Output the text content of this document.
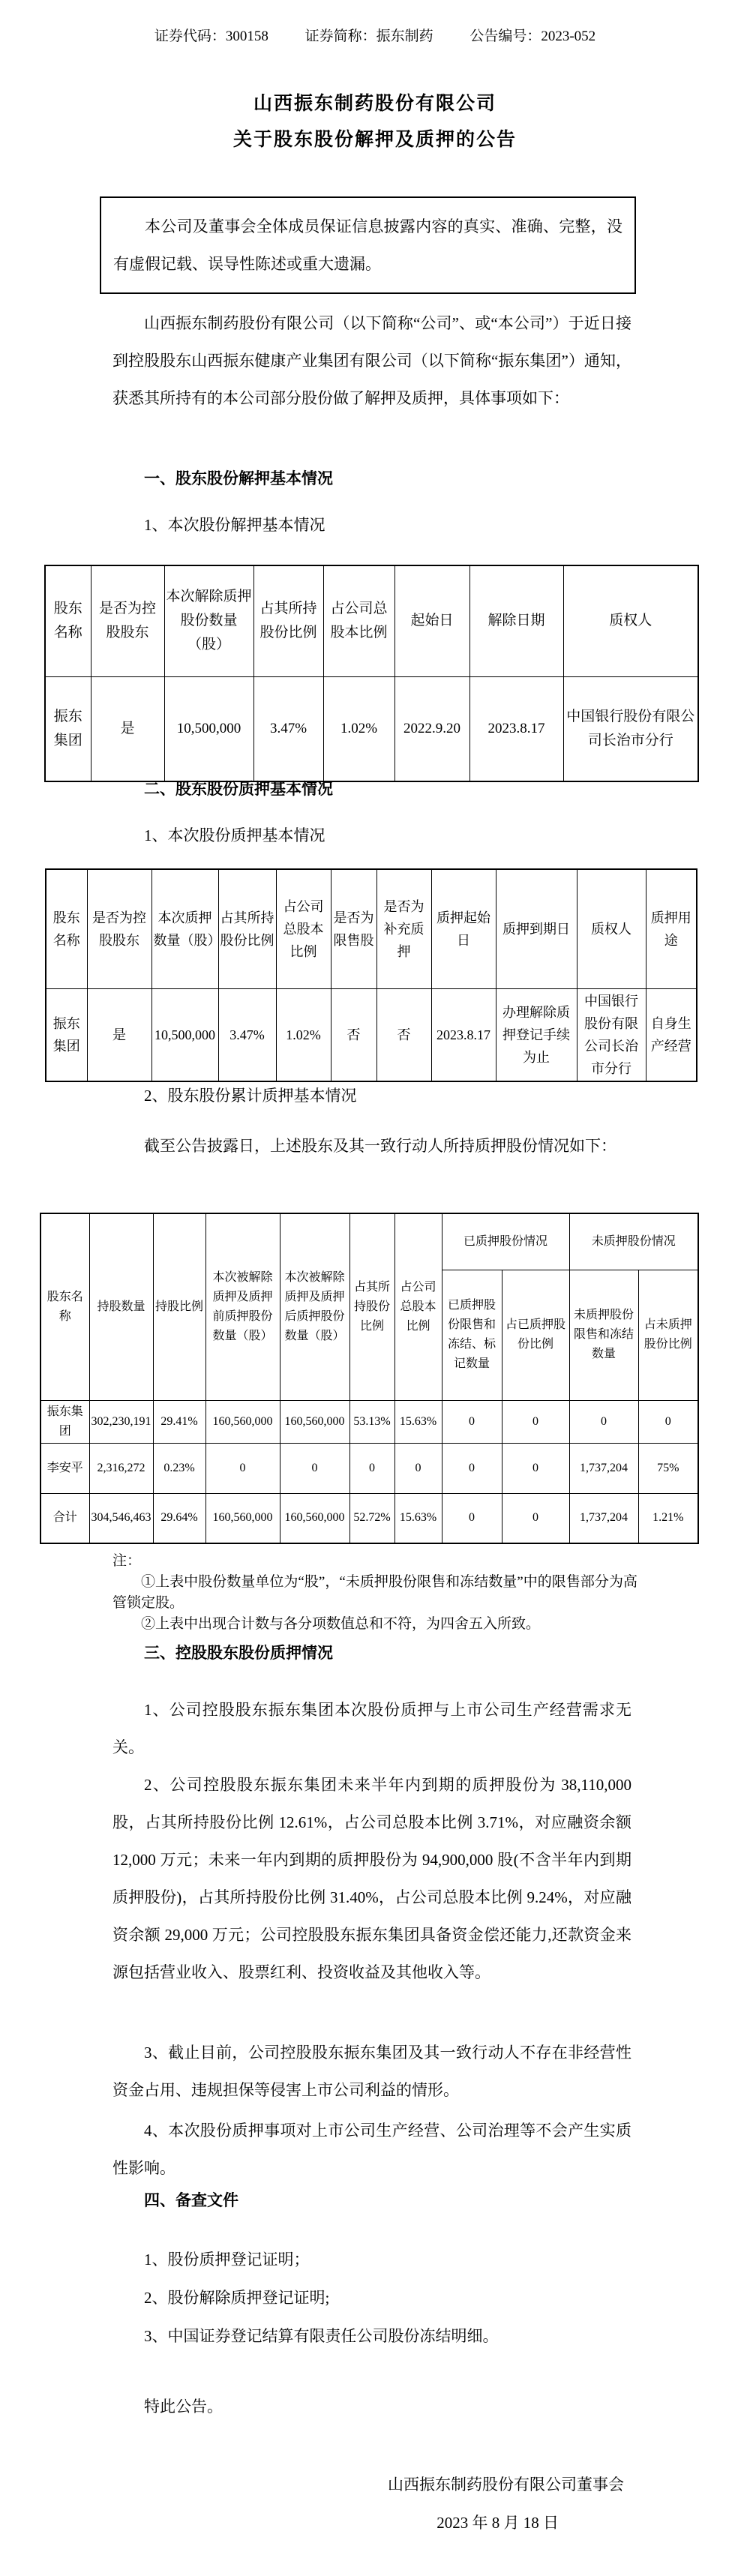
证券代码：300158	证券简称：振东制药	公告编号：2023-052
山西振东制药股份有限公司
关于股东股份解押及质押的公告
本公司及董事会全体成员保证信息披露内容的真实、准确、完整，没有虚假记载、误导性陈述或重大遗漏。
山西振东制药股份有限公司（以下简称“公司”、或“本公司”）于近日接到控股股东山西振东健康产业集团有限公司（以下简称“振东集团”）通知，获悉其所持有的本公司部分股份做了解押及质押，具体事项如下：
一、股东股份解押基本情况
1、本次股份解押基本情况
股东名称	是否为控股股东	本次解除质押股份数量（股）	占其所持股份比例	占公司总股本比例	起始日	解除日期	质权人
振东集团	是	10,500,000	3.47%	1.02%	2022.9.20	2023.8.17	中国银行股份有限公司长治市分行
二、股东股份质押基本情况
1、本次股份质押基本情况
股东名称	是否为控股股东	本次质押数量（股）	占其所持股份比例	占公司总股本比例	是否为限售股	是否为补充质押	质押起始日	质押到期日	质权人	质押用途
振东集团	是	10,500,000	3.47%	1.02%	否	否	2023.8.17	办理解除质押登记手续为止	中国银行股份有限公司长治市分行	自身生产经营
2、股东股份累计质押基本情况
截至公告披露日，上述股东及其一致行动人所持质押股份情况如下：
股东名称	持股数量	持股比例	本次被解除质押及质押前质押股份数量（股）	本次被解除质押及质押后质押股份数量（股）	占其所持股份比例	占公司总股本比例	已质押股份情况		未质押股份情况	
							已质押股份限售和冻结、标记数量	占已质押股份比例	未质押股份限售和冻结数量	占未质押股份比例
振东集团	302,230,191	29.41%	160,560,000	160,560,000	53.13%	15.63%	0	0	0	0
李安平	2,316,272	0.23%	0	0	0	0	0	0	1,737,204	75%
合计	304,546,463	29.64%	160,560,000	160,560,000	52.72%	15.63%	0	0	1,737,204	1.21%
注：
①上表中股份数量单位为“股”，“未质押股份限售和冻结数量”中的限售部分为高管锁定股。
②上表中出现合计数与各分项数值总和不符，为四舍五入所致。
三、控股股东股份质押情况
1、公司控股股东振东集团本次股份质押与上市公司生产经营需求无关。
2、公司控股股东振东集团未来半年内到期的质押股份为 38,110,000 股，占其所持股份比例 12.61%，占公司总股本比例 3.71%，对应融资余额 12,000 万元；未来一年内到期的质押股份为 94,900,000 股(不含半年内到期质押股份)，占其所持股份比例 31.40%，占公司总股本比例 9.24%，对应融资余额 29,000 万元；公司控股股东振东集团具备资金偿还能力,还款资金来源包括营业收入、股票红利、投资收益及其他收入等。
3、截止目前，公司控股股东振东集团及其一致行动人不存在非经营性资金占用、违规担保等侵害上市公司利益的情形。
4、本次股份质押事项对上市公司生产经营、公司治理等不会产生实质性影响。
四、备查文件
1、股份质押登记证明；
2、股份解除质押登记证明;
3、中国证券登记结算有限责任公司股份冻结明细。
特此公告。
山西振东制药股份有限公司董事会
2023 年 8 月 18 日
